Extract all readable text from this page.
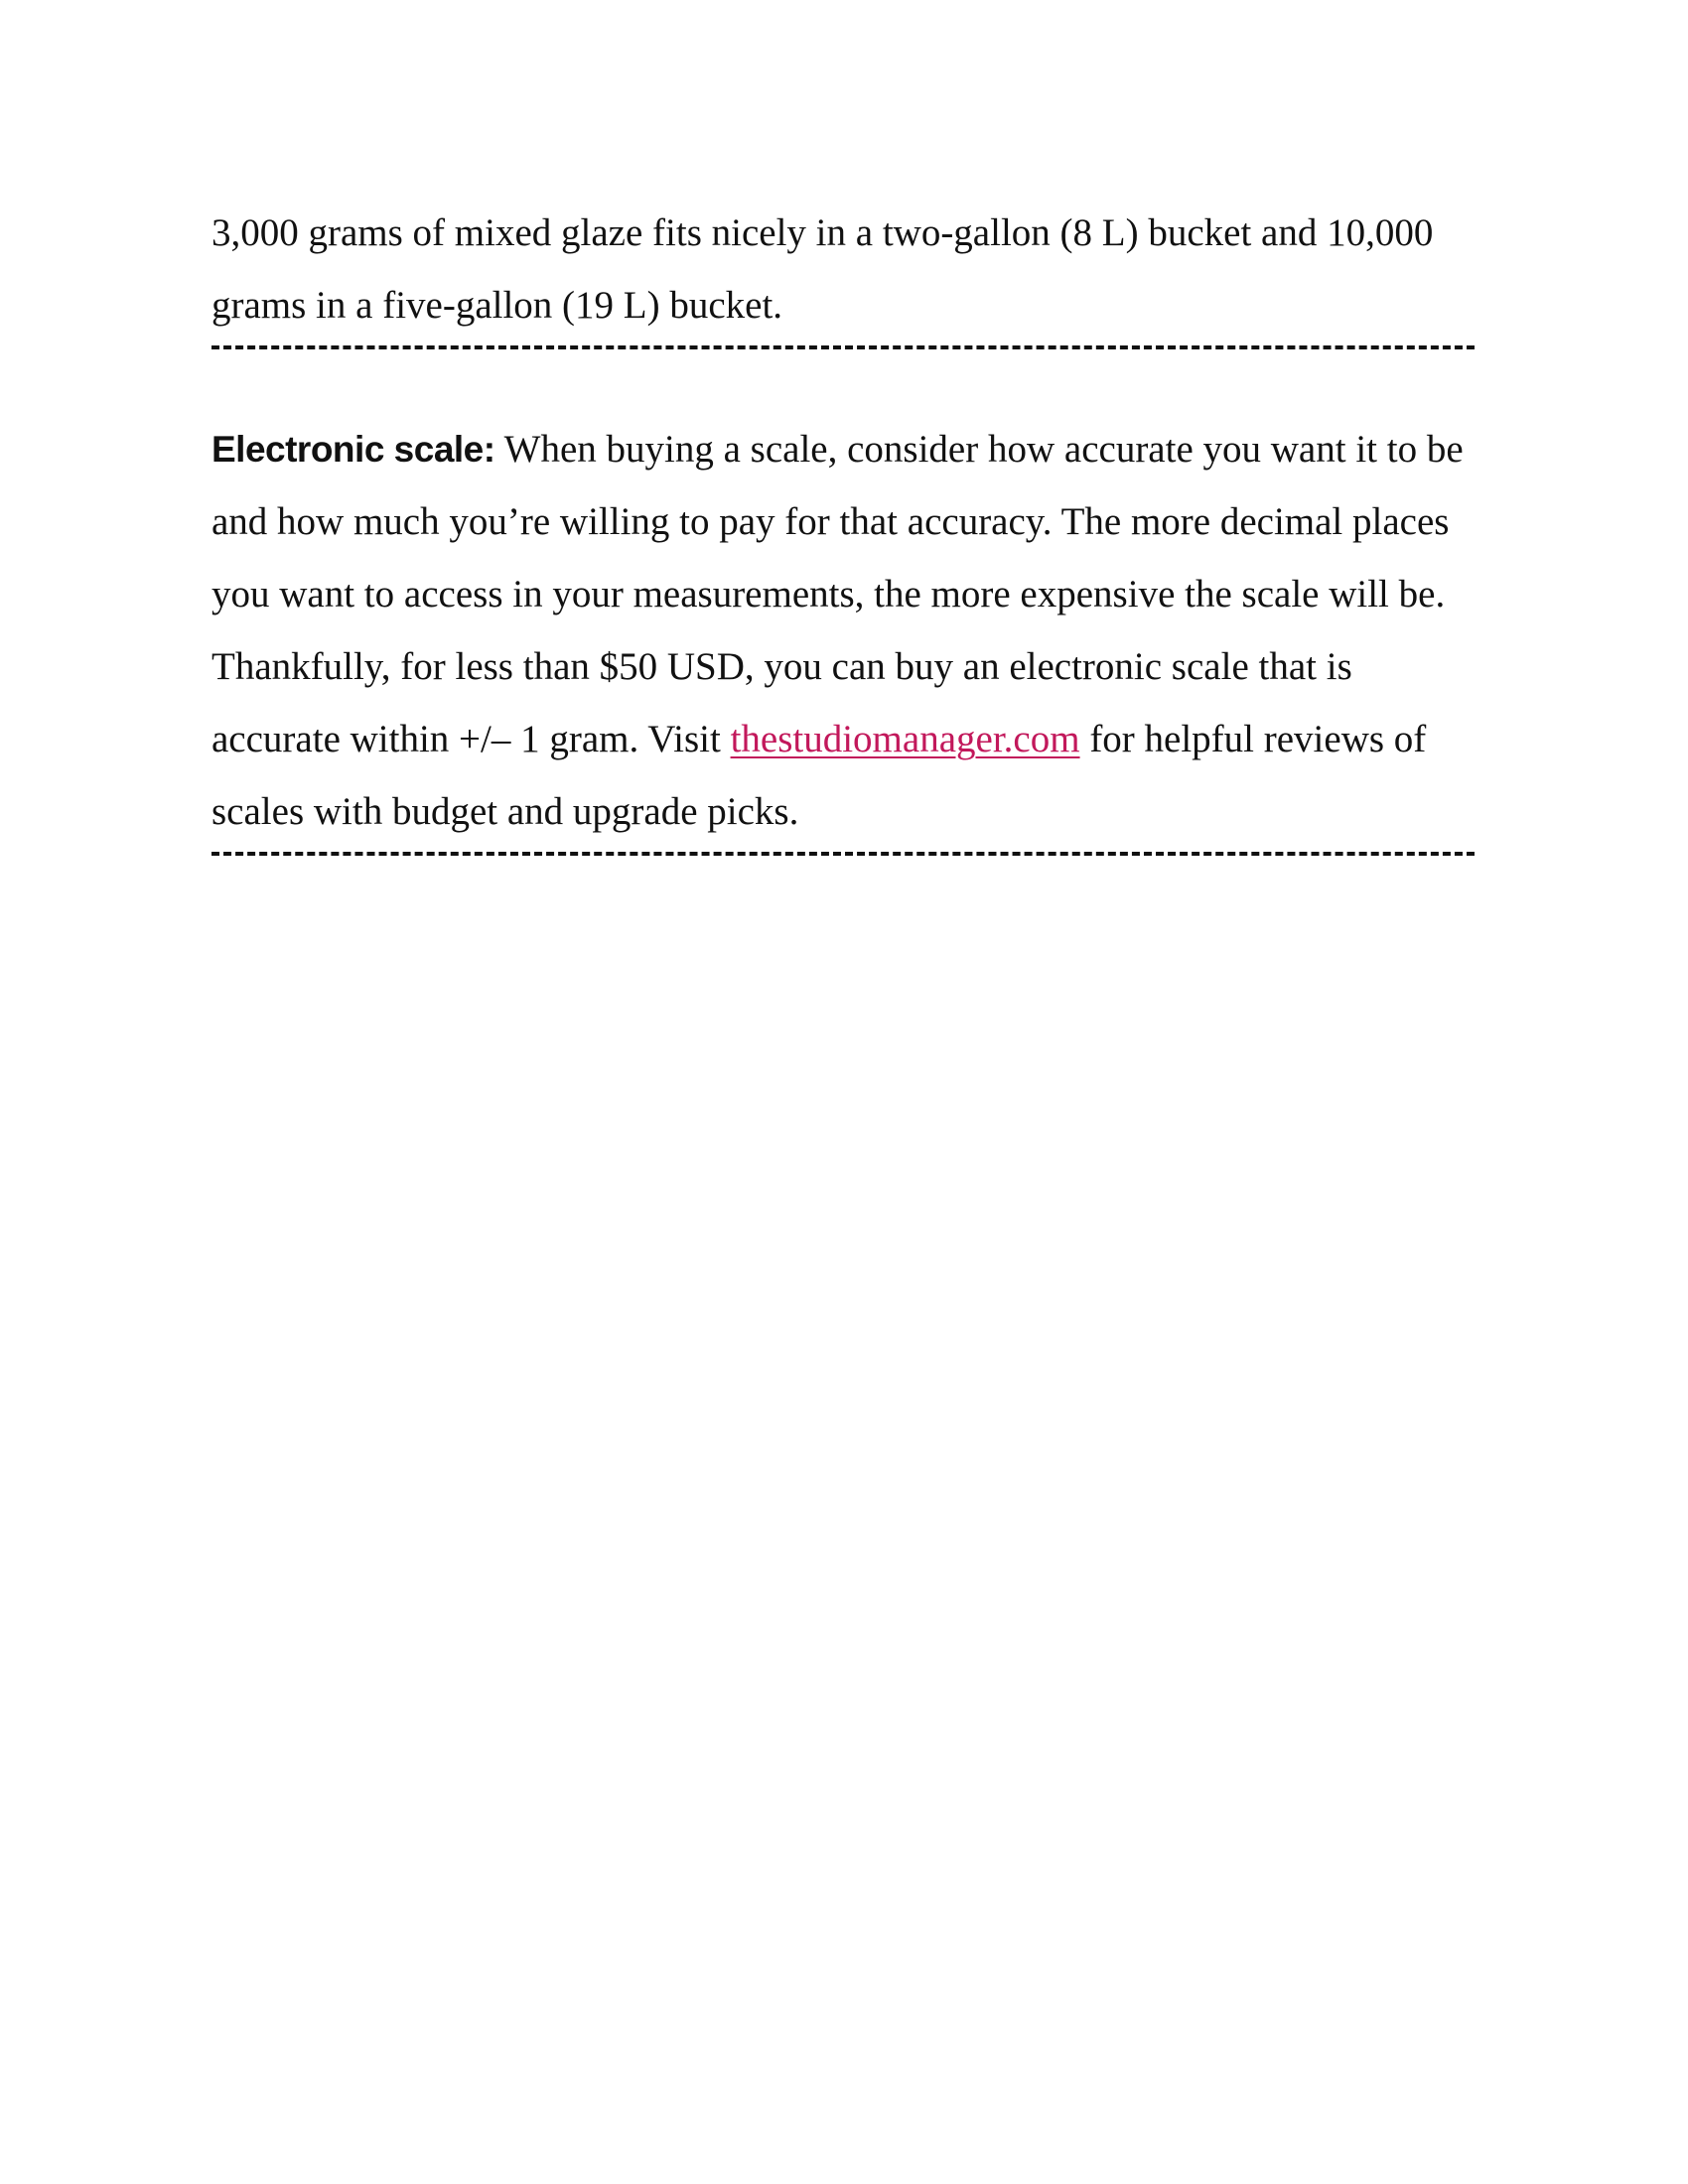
3,000 grams of mixed glaze fits nicely in a two-gallon (8 L) bucket and 10,000 grams in a five-gallon (19 L) bucket.

Electronic scale: When buying a scale, consider how accurate you want it to be and how much you’re willing to pay for that accuracy. The more decimal places you want to access in your measurements, the more expensive the scale will be. Thankfully, for less than $50 USD, you can buy an electronic scale that is accurate within +/– 1 gram. Visit thestudiomanager.com for helpful reviews of scales with budget and upgrade picks.
